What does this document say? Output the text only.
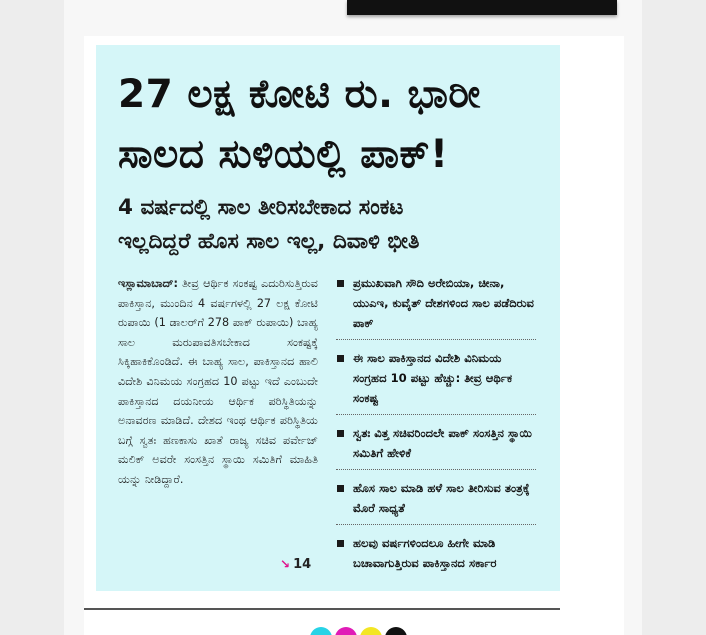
27 ಲಕ್ಷ ಕೋಟಿ ರು. ಭಾರೀ
ಸಾಲದ ಸುಳಿಯಲ್ಲಿ ಪಾಕ್!
4 ವರ್ಷದಲ್ಲಿ ಸಾಲ ತೀರಿಸಬೇಕಾದ ಸಂಕಟ
ಇಲ್ಲದಿದ್ದರೆ ಹೊಸ ಸಾಲ ಇಲ್ಲ, ದಿವಾಳಿ ಭೀತಿ
ಇಸ್ಲಾಮಾಬಾದ್: ತೀವ್ರ ಆರ್ಥಿಕ ಸಂಕಷ್ಟ ಎದುರಿಸುತ್ತಿರುವ ಪಾಕಿಸ್ತಾನ, ಮುಂದಿನ 4 ವರ್ಷಗಳಲ್ಲಿ 27 ಲಕ್ಷ ಕೋಟಿ ರುಪಾಯಿ (1 ಡಾಲರ್‌ಗೆ 278 ಪಾಕ್ ರುಪಾಯಿ) ಬಾಹ್ಯ ಸಾಲ ಮರುಪಾವತಿಸಬೇಕಾದ ಸಂಕಷ್ಟಕ್ಕೆ ಸಿಕ್ಕಿಹಾಕಿಕೊಂಡಿದೆ. ಈ ಬಾಹ್ಯ ಸಾಲ, ಪಾಕಿಸ್ತಾನದ ಹಾಲಿ ವಿದೇಶಿ ವಿನಿಮಯ ಸಂಗ್ರಹದ 10 ಪಟ್ಟು ಇದೆ ಎಂಬುದೇ ಪಾಕಿಸ್ತಾನದ ದಯನೀಯ ಆರ್ಥಿಕ ಪರಿಸ್ಥಿತಿಯನ್ನು ಅನಾವರಣ ಮಾಡಿದೆ. ದೇಶದ ಇಂಥ ಆರ್ಥಿಕ ಪರಿಸ್ಥಿತಿಯ ಬಗ್ಗೆ ಸ್ವತಃ ಹಣಕಾಸು ಖಾತೆ ರಾಜ್ಯ ಸಚಿವ ಪರ್ವೇಜ್ ಮಲಿಕ್ ಅವರೇ ಸಂಸತ್ತಿನ ಸ್ಥಾಯಿ ಸಮಿತಿಗೆ ಮಾಹಿತಿ ಯನ್ನು ನೀಡಿದ್ದಾರೆ.
↘ 14
ಪ್ರಮುಖವಾಗಿ ಸೌದಿ ಅರೇಬಿಯಾ, ಚೀನಾ, ಯುಎಇ, ಕುವೈತ್ ದೇಶಗಳಿಂದ ಸಾಲ ಪಡೆದಿರುವ ಪಾಕ್
ಈ ಸಾಲ ಪಾಕಿಸ್ತಾನದ ವಿದೇಶಿ ವಿನಿಮಯ ಸಂಗ್ರಹದ 10 ಪಟ್ಟು ಹೆಚ್ಚು: ತೀವ್ರ ಆರ್ಥಿಕ ಸಂಕಷ್ಟ
ಸ್ವತಃ ವಿತ್ತ ಸಚಿವರಿಂದಲೇ ಪಾಕ್ ಸಂಸತ್ತಿನ ಸ್ಥಾಯಿ ಸಮಿತಿಗೆ ಹೇಳಿಕೆ
ಹೊಸ ಸಾಲ ಮಾಡಿ ಹಳೆ ಸಾಲ ತೀರಿಸುವ ತಂತ್ರಕ್ಕೆ ಮೊರೆ ಸಾಧ್ಯತೆ
ಹಲವು ವರ್ಷಗಳಿಂದಲೂ ಹೀಗೇ ಮಾಡಿ ಬಚಾವಾಗುತ್ತಿರುವ ಪಾಕಿಸ್ತಾನದ ಸರ್ಕಾರ
